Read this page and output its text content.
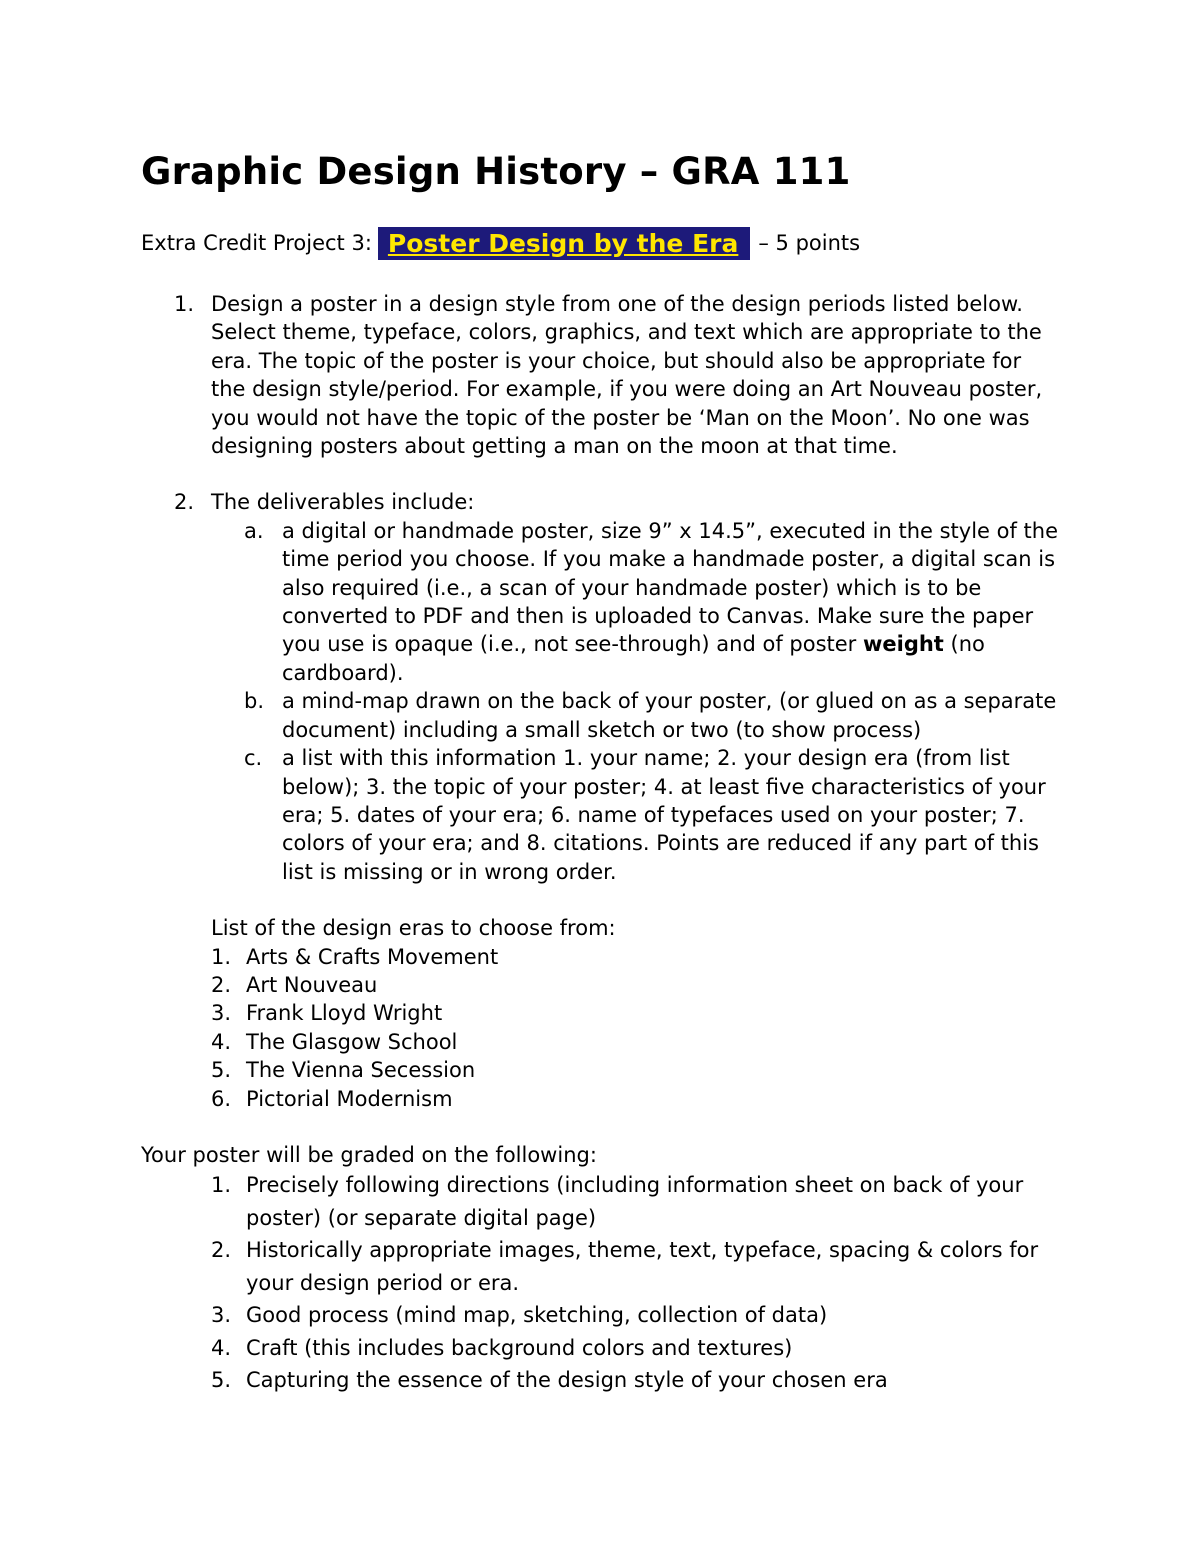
Graphic Design History – GRA 111
Extra Credit Project 3: Poster Design by the Era – 5 points
1. Design a poster in a design style from one of the design periods listed below. Select theme, typeface, colors, graphics, and text which are appropriate to the era. The topic of the poster is your choice, but should also be appropriate for the design style/period. For example, if you were doing an Art Nouveau poster, you would not have the topic of the poster be ‘Man on the Moon’. No one was designing posters about getting a man on the moon at that time.
2. The deliverables include:
a. a digital or handmade poster, size 9” x 14.5”, executed in the style of the time period you choose. If you make a handmade poster, a digital scan is also required (i.e., a scan of your handmade poster) which is to be converted to PDF and then is uploaded to Canvas. Make sure the paper you use is opaque (i.e., not see-through) and of poster weight (no cardboard).
b. a mind-map drawn on the back of your poster, (or glued on as a separate document) including a small sketch or two (to show process)
c. a list with this information 1. your name; 2. your design era (from list below); 3. the topic of your poster; 4. at least five characteristics of your era; 5. dates of your era; 6. name of typefaces used on your poster; 7. colors of your era; and 8. citations. Points are reduced if any part of this list is missing or in wrong order.
List of the design eras to choose from:
1. Arts & Crafts Movement
2. Art Nouveau
3. Frank Lloyd Wright
4. The Glasgow School
5. The Vienna Secession
6. Pictorial Modernism
Your poster will be graded on the following:
1. Precisely following directions (including information sheet on back of your poster) (or separate digital page)
2. Historically appropriate images, theme, text, typeface, spacing & colors for your design period or era.
3. Good process (mind map, sketching, collection of data)
4. Craft (this includes background colors and textures)
5. Capturing the essence of the design style of your chosen era
